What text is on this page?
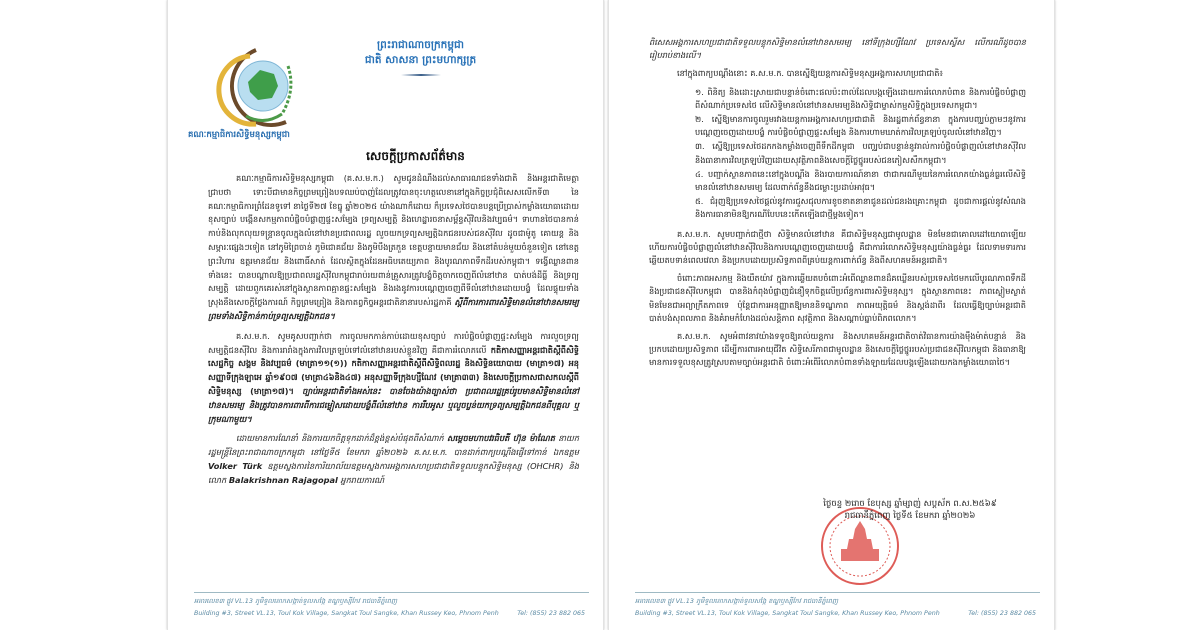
គណៈកម្មាធិការសិទ្ធិមនុស្សកម្ពុជា
ព្រះរាជាណាចក្រកម្ពុជា
ជាតិ សាសនា ព្រះមហាក្សត្រ
សេចក្តីប្រកាសព័ត៌មាន

គណៈកម្មាធិការសិទ្ធិមនុស្សកម្ពុជា (គ.ស.ម.ក.) សូមជូនដំណឹងដល់សាធារណជនទាំងជាតិ និងអន្តរជាតិមេត្តាជ្រាបថា ទោះបីជាមានកិច្ចព្រមព្រៀងបទឈប់បាញ់ដែលត្រូវបានចុះហត្ថលេខានៅក្នុងកិច្ចប្រជុំពិសេសលើកទី៣ នៃគណៈកម្មាធិការព្រំដែនទូទៅ នាថ្ងៃទី២៧ ខែធ្នូ ឆ្នាំ២០២៥ យ៉ាងណាក៏ដោយ ក៏ប្រទេសថៃបានបន្តប្រើប្រាស់កម្លាំងយោធាដោយខុសច្បាប់ បង្កើនសកម្មភាពបំផ្លិចបំផ្លាញផ្ទះសម្បែង ទ្រព្យសម្បត្តិ និងហេដ្ឋារចនាសម្ព័ន្ធស៊ីវិលនិងវប្បធម៌។ ទាហានថៃបានកាន់កាប់និងលុកលុយទន្ទ្រានចូលក្នុងលំនៅឋានប្រជាពលរដ្ឋ លួចយកទ្រព្យសម្បត្តិឯកជនរបស់ជនស៊ីវិល ដូចជាម៉ូតូ គោយន្ត និងសម្ភារៈផ្សេងៗទៀត នៅភូមិព្រៃចាន់ ភូមិជោគជ័យ និងភូមិបឹងត្រកួន ខេត្តបន្ទាយមានជ័យ និងនៅតំបន់មួយចំនួនទៀត នៅខេត្តព្រះវិហារ ឧត្តរមានជ័យ និងពោធិ៍សាត់ ដែលស្ថិតក្នុងដែនអធិបតេយ្យភាព និងបូរណភាពទឹកដីរបស់កម្ពុជា។ ទង្វើឈ្លានពានទាំងនេះ បានបណ្តាលឱ្យប្រជាពលរដ្ឋស៊ីវិលកម្ពុជារាប់រយពាន់គ្រួសារត្រូវបង្ខំចិត្តចាកចេញពីលំនៅឋាន បាត់បង់ដីធ្លី និងទ្រព្យសម្បត្តិ ដោយពួកគេរស់នៅក្នុងស្ថានភាពគ្មានផ្ទះសម្បែង និងរងនូវការបណ្តេញចេញពីទីលំនៅឋានដោយបង្ខំ ដែលផ្ទុយទាំងស្រុងនឹងសេចក្តីថ្លែងការណ៍ កិច្ចព្រមព្រៀង និងកាតព្វកិច្ចអន្តរជាតិនានារបស់រដ្ឋភាគី ស្តីពីការការពារសិទ្ធិមានលំនៅឋានសមរម្យ ព្រមទាំងសិទ្ធិកាន់កាប់ទ្រព្យសម្បត្តិឯកជន។

គ.ស.ម.ក. សូមគូសបញ្ជាក់ថា ការចូលមកកាន់កាប់ដោយខុសច្បាប់ ការបំផ្លិចបំផ្លាញផ្ទះសម្បែង ការលួចទ្រព្យសម្បត្តិជនស៊ីវិល និងការរារាំងក្នុងការវិលត្រឡប់ទៅលំនៅឋានរបស់ខ្លួនវិញ គឺជាការរំលោភលើ កតិកាសញ្ញាអន្តរជាតិស្តីពីសិទ្ធិសេដ្ឋកិច្ច សង្គម និងវប្បធម៌ (មាត្រា១១(១)) កតិកាសញ្ញាអន្តរជាតិស្តីពីសិទ្ធិពលរដ្ឋ និងសិទ្ធិនយោបាយ (មាត្រា១៧) អនុសញ្ញាទីក្រុងឡាអេ ឆ្នាំ១៩០៧ (មាត្រា៤៦និង៤៧) អនុសញ្ញាទីក្រុងហ្សឺណែវ (មាត្រា៣៣) និងសេចក្តីប្រកាសជាសកលស្តីពីសិទ្ធិមនុស្ស (មាត្រា១៧)។ ច្បាប់អន្តរជាតិទាំងអស់នេះ បានចែងយ៉ាងច្បាស់ថា ប្រជាពលរដ្ឋគ្រប់រូបមានសិទ្ធិមានលំនៅឋានសមរម្យ និងត្រូវបានការពារពីការជម្លៀសដោយបង្ខំពីលំនៅឋាន ការរឹបអូស ឬលួចប្លន់យកទ្រព្យសម្បត្តិឯកជនពីបុគ្គល ឬក្រុមណាមួយ។

ដោយមានការណែនាំ និងការយកចិត្តទុកដាក់ដ៏ខ្ពង់ខ្ពស់បំផុតពីសំណាក់ សម្តេចមហាបវរធិបតី ហ៊ុន ម៉ាណែត នាយករដ្ឋមន្ត្រីនៃព្រះរាជាណាចក្រកម្ពុជា នៅថ្ងៃទី៥ ខែមករា ឆ្នាំ២០២៦ គ.ស.ម.ក. បានដាក់ពាក្យបណ្តឹងផ្ញើទៅកាន់ ឯកឧត្តម Volker Türk ឧត្តមស្នងការនៃការិយាល័យឧត្តមស្នងការអង្គការសហប្រជាជាតិទទួលបន្ទុកសិទ្ធិមនុស្ស (OHCHR) និងលោក Balakrishnan Rajagopal អ្នករាយការណ៍

អគារលេខ៣ ផ្លូវ VL.13 ភូមិទួលគោកសង្កាត់ទួលសង្កែ ខណ្ឌឫស្សីកែវ រាជធានីភ្នំពេញ
Building #3, Street VL.13, Toul Kok Village, Sangkat Toul Sangke, Khan Russey Keo, Phnom Penh	Tel: (855) 23 882 065

ពិសេសអង្គការសហប្រជាជាតិទទួលបន្ទុកសិទ្ធិមានលំនៅឋានសមរម្យ នៅទីក្រុងហ្សឺណែវ ប្រទេសស្វីស លើករណីដូចបានរៀបរាប់ខាងលើ។

នៅក្នុងពាក្យបណ្តឹងនោះ គ.ស.ម.ក. បានស្នើឱ្យយន្តការសិទ្ធិមនុស្សអង្គការសហប្រជាជាតិ៖

១. ពិនិត្យ និងដោះស្រាយជាបន្ទាន់ចំពោះផលប៉ះពាល់ដែលបង្កឡើងដោយការរំលោភបំពាន និងការបំផ្លិចបំផ្លាញ ពីសំណាក់ប្រទេសថៃ លើសិទ្ធិមានលំនៅឋានសមរម្យនិងសិទ្ធិជាម្ចាស់កម្មសិទ្ធិក្នុងប្រទេសកម្ពុជា។
២. ស្នើឱ្យមានការចូលរួមរវាងយន្តការអង្គការសហប្រជាជាតិ និងរដ្ឋពាក់ព័ន្ធនានា ក្នុងការបញ្ឈប់ភ្លាមៗនូវការបណ្តេញចេញដោយបង្ខំ ការបំផ្លិចបំផ្លាញផ្ទះសម្បែង និងការហាមឃាត់ការវិលត្រឡប់ចូលលំនៅឋានវិញ។
៣. ស្នើឱ្យប្រទេសថៃដកកងកម្លាំងចេញពីទឹកដីកម្ពុជា បញ្ឈប់ជាបន្ទាន់នូវរាល់ការបំផ្លិចបំផ្លាញលំនៅឋានស៊ីវិល និងធានាការវិលត្រឡប់វិញដោយសុវត្ថិភាពនិងសេចក្តីថ្លៃថ្នូររបស់ជនភៀសសឹកកម្ពុជា។
៤. បញ្ជាក់ស្ថានភាពនេះនៅក្នុងបណ្តឹង និងរបាយការណ៍នានា ថាជាករណីមួយនៃការរំលោភយ៉ាងធ្ងន់ធ្ងរលើសិទ្ធិមានលំនៅឋានសមរម្យ ដែលពាក់ព័ន្ធនឹងជម្លោះប្រដាប់អាវុធ។
៥. ជំរុញឱ្យប្រទេសថៃផ្តល់នូវការជួសជុលការខូចខាតនានាជូនដល់ជនរងគ្រោះកម្ពុជា ដូចជាការផ្តល់នូវសំណង និងការធានាមិនឱ្យករណីបែបនេះកើតឡើងជាថ្មីម្តងទៀត។

គ.ស.ម.ក. សូមបញ្ជាក់ជាថ្មីថា សិទ្ធិមានលំនៅឋាន គឺជាសិទ្ធិមនុស្សជាមូលដ្ឋាន មិនមែនជាគោលដៅយោធាឡើយ ហើយការបំផ្លិចបំផ្លាញលំនៅឋានស៊ីវិលនិងការបណ្តេញចេញដោយបង្ខំ គឺជាការរំលោភសិទ្ធិមនុស្សយ៉ាងធ្ងន់ធ្ងរ ដែលទាមទារការឆ្លើយតបទាន់ពេលវេលា និងប្រកបដោយប្រសិទ្ធភាពពីគ្រប់យន្តការពាក់ព័ន្ធ និងពីសហគមន៍អន្តរជាតិ។

ចំពោះភាពអសកម្ម និងយឺតយ៉ាវ ក្នុងការឆ្លើយតបចំពោះអំពើឈ្លានពានដ៏គឃ្លើនរបស់ប្រទេសថៃមកលើបូរណភាពទឹកដី និងប្រជាជនស៊ីវិលកម្ពុជា បាននិងកំពុងបំផ្លាញជំនឿទុកចិត្តលើប្រព័ន្ធការពារសិទ្ធិមនុស្ស។ ក្នុងស្ថានភាពនេះ ភាពស្ងៀមស្ងាត់ មិនមែនជាអព្យាក្រឹតភាពទេ ប៉ុន្តែជាការអនុញ្ញាតឱ្យមាននិទណ្ឌភាព ភាពអយុត្តិធម៌ និងស្តង់ដាពីរ ដែលធ្វើឱ្យច្បាប់អន្តរជាតិបាត់បង់សុពលភាព និងគំរាមកំហែងដល់សន្តិភាព សុវត្ថិភាព និងសណ្តាប់ធ្នាប់ពិភពលោក។

គ.ស.ម.ក. សូមអំពាវនាវយ៉ាងទទូចឱ្យរាល់យន្តការ និងសហគមន៍អន្តរជាតិចាត់វិធានការយ៉ាងម៉ឺងម៉ាត់បន្ទាន់ និងប្រកបដោយប្រសិទ្ធភាព ដើម្បីការពារអាយុជីវិត សិទ្ធិសេរីភាពជាមូលដ្ឋាន និងសេចក្តីថ្លៃថ្នូររបស់ប្រជាជនស៊ីវិលកម្ពុជា និងធានាឱ្យមានការទទួលខុសត្រូវស្របតាមច្បាប់អន្តរជាតិ ចំពោះអំពើរំលោភបំពានទាំងឡាយដែលបង្កឡើងដោយកងកម្លាំងយោធាថៃ។

ថ្ងៃចន្ទ ២រោច ខែបុស្ស ឆ្នាំម្សាញ់ សប្តស័ក ព.ស.២៥៦៩
រាជធានីភ្នំពេញ ថ្ងៃទី៥ ខែមករា ឆ្នាំ២០២៦
អគារលេខ៣ ផ្លូវ VL.13 ភូមិទួលគោកសង្កាត់ទួលសង្កែ ខណ្ឌឫស្សីកែវ រាជធានីភ្នំពេញ
Building #3, Street VL.13, Toul Kok Village, Sangkat Toul Sangke, Khan Russey Keo, Phnom Penh	Tel: (855) 23 882 065
